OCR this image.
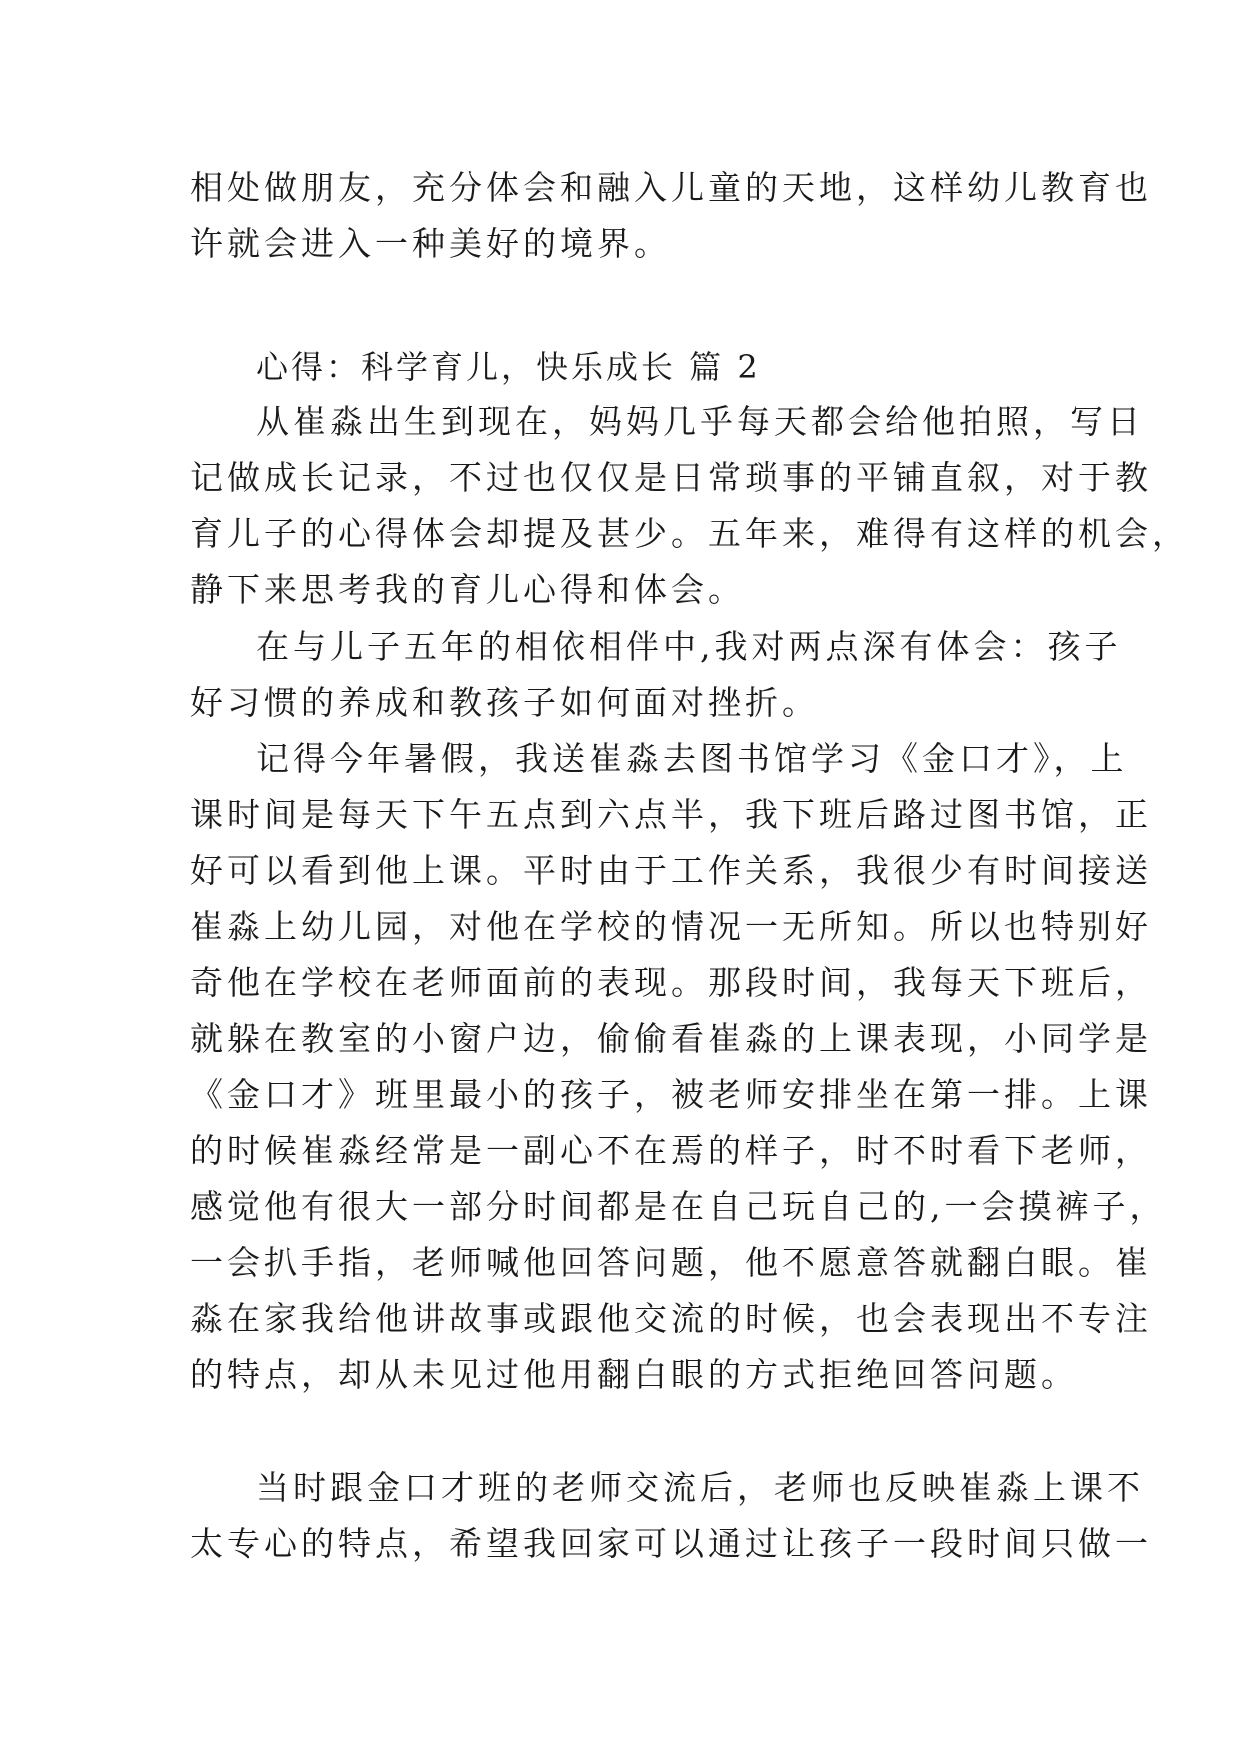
相处做朋友，充分体会和融入儿童的天地，这样幼儿教育也
许就会进入一种美好的境界。
心得：科学育儿，快乐成长 篇 2
从崔淼出生到现在，妈妈几乎每天都会给他拍照，写日
记做成长记录，不过也仅仅是日常琐事的平铺直叙，对于教
育儿子的心得体会却提及甚少。五年来，难得有这样的机会，
静下来思考我的育儿心得和体会。
在与儿子五年的相依相伴中,我对两点深有体会：孩子
好习惯的养成和教孩子如何面对挫折。
记得今年暑假，我送崔淼去图书馆学习《金口才》，上
课时间是每天下午五点到六点半，我下班后路过图书馆，正
好可以看到他上课。平时由于工作关系，我很少有时间接送
崔淼上幼儿园，对他在学校的情况一无所知。所以也特别好
奇他在学校在老师面前的表现。那段时间，我每天下班后，
就躲在教室的小窗户边，偷偷看崔淼的上课表现，小同学是
《金口才》班里最小的孩子，被老师安排坐在第一排。上课
的时候崔淼经常是一副心不在焉的样子，时不时看下老师，
感觉他有很大一部分时间都是在自己玩自己的,一会摸裤子，
一会扒手指，老师喊他回答问题，他不愿意答就翻白眼。崔
淼在家我给他讲故事或跟他交流的时候，也会表现出不专注
的特点，却从未见过他用翻白眼的方式拒绝回答问题。
当时跟金口才班的老师交流后，老师也反映崔淼上课不
太专心的特点，希望我回家可以通过让孩子一段时间只做一
